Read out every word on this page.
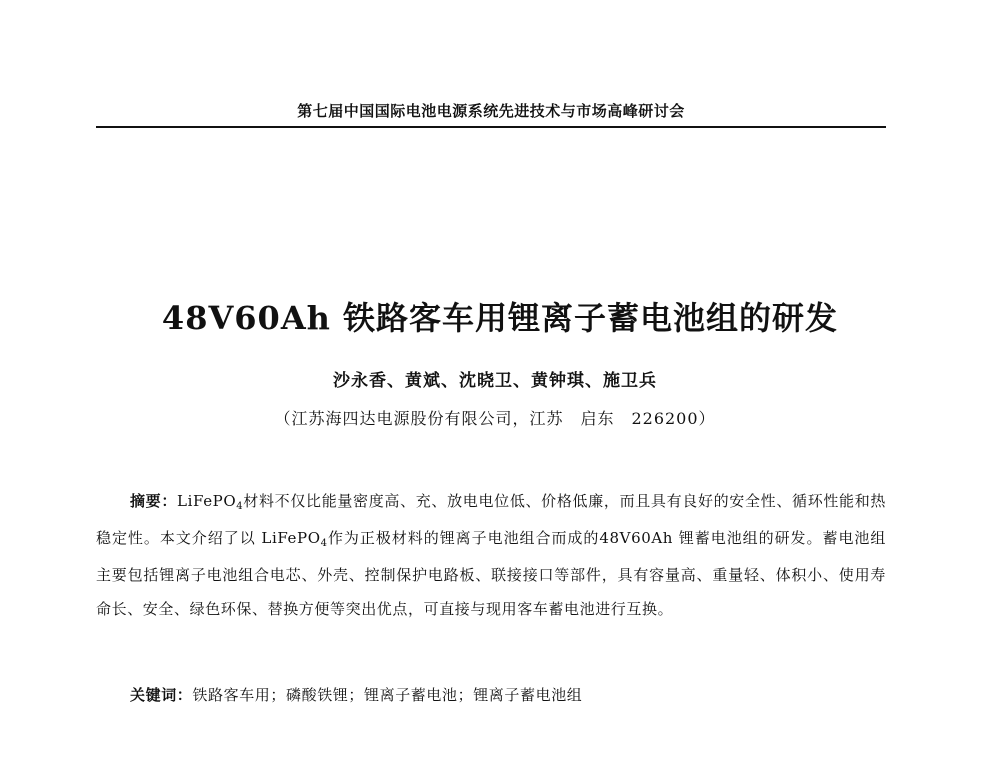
第七届中国国际电池电源系统先进技术与市场高峰研讨会
48V60Ah 铁路客车用锂离子蓄电池组的研发
沙永香、黄斌、沈晓卫、黄钟琪、施卫兵
（江苏海四达电源股份有限公司，江苏　启东　226200）
摘要：LiFePO$_4$材料不仅比能量密度高、充、放电电位低、价格低廉，而且具有良好的安全性、循环性能和热稳定性。本文介绍了以 LiFePO$_4$作为正极材料的锂离子电池组合而成的48V60Ah 锂蓄电池组的研发。蓄电池组主要包括锂离子电池组合电芯、外壳、控制保护电路板、联接接口等部件，具有容量高、重量轻、体积小、使用寿命长、安全、绿色环保、替换方便等突出优点，可直接与现用客车蓄电池进行互换。
关键词：铁路客车用；磷酸铁锂；锂离子蓄电池；锂离子蓄电池组
